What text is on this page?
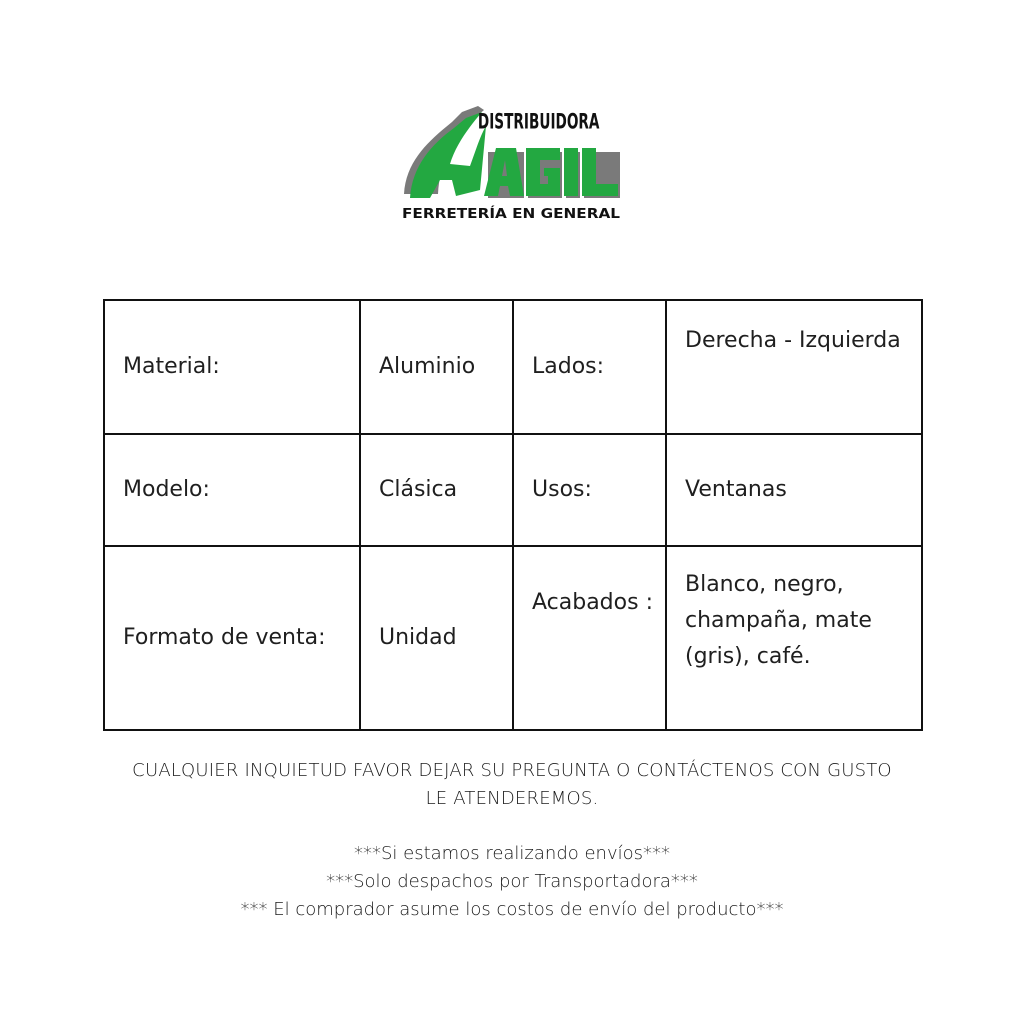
DISTRIBUIDORA
FERRETERÍA EN GENERAL
SAGIL
Material:	Aluminio	Lados:	Derecha - Izquierda
Modelo:	Clásica	Usos:	Ventanas
Formato de venta:	Unidad	Acabados :	Blanco, negro, champaña, mate (gris), café.

CUALQUIER INQUIETUD FAVOR DEJAR SU PREGUNTA O CONTÁCTENOS CON GUSTO

LE ATENDEREMOS.

***Si estamos realizando envíos***

***Solo despachos por Transportadora***

*** El comprador asume los costos de envío del producto***
